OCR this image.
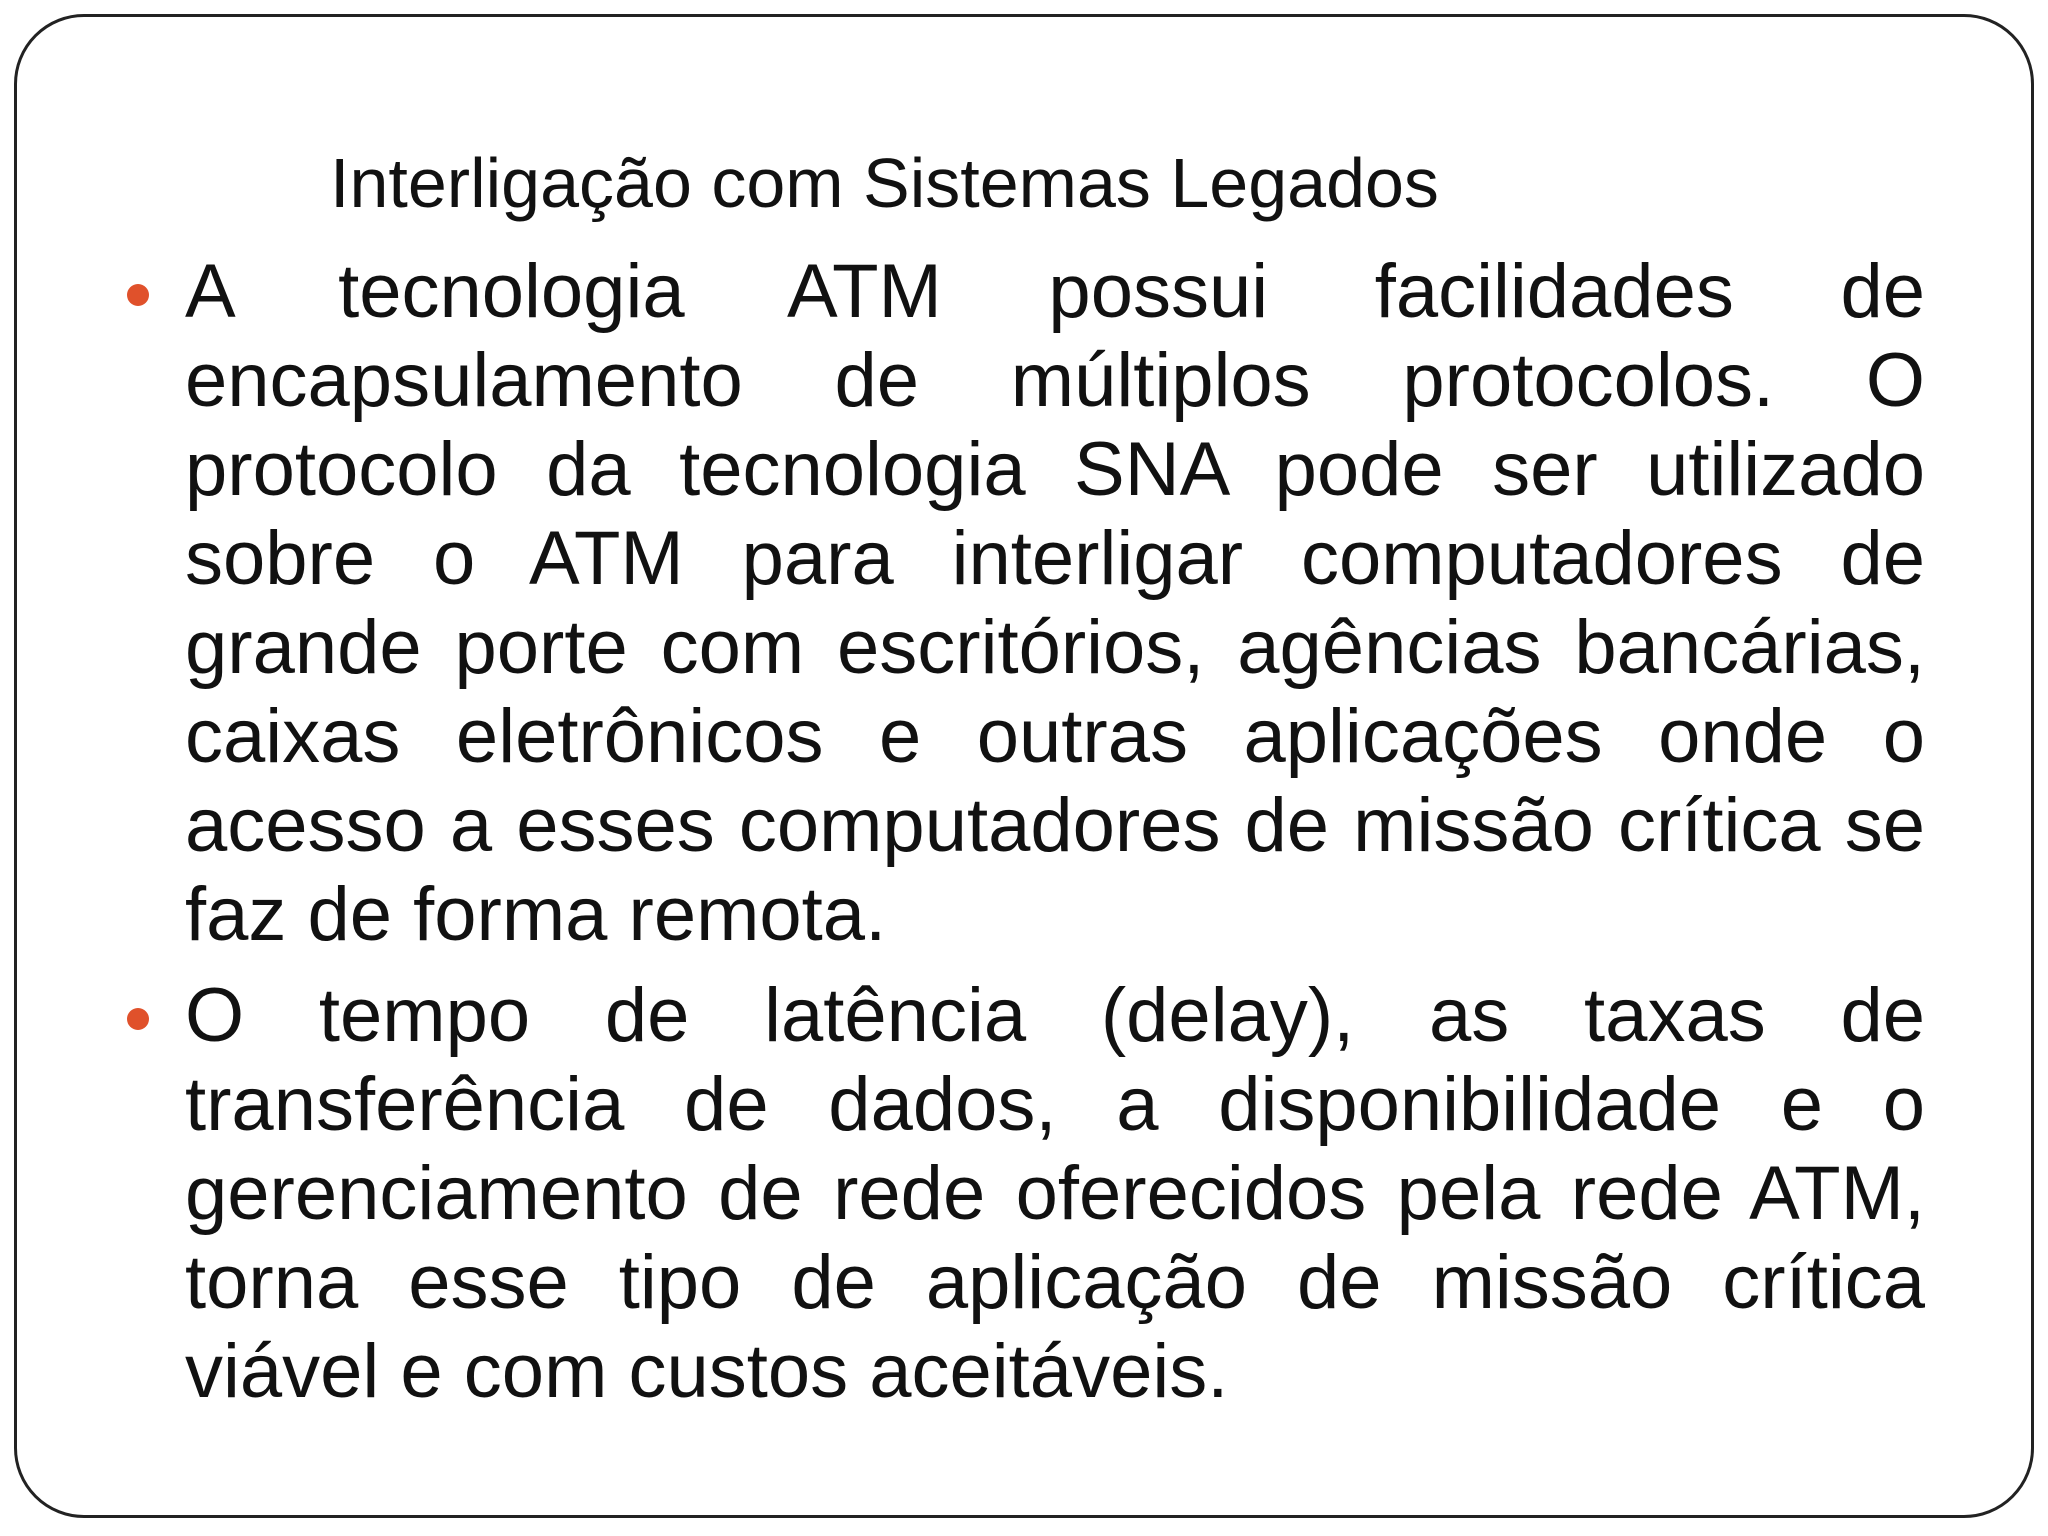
Interligação com Sistemas Legados

A tecnologia ATM possui facilidades de encapsulamento de múltiplos protocolos. O protocolo da tecnologia SNA pode ser utilizado sobre o ATM para interligar computadores de grande porte com escritórios, agências bancárias, caixas eletrônicos e outras aplicações onde o acesso a esses computadores de missão crítica se faz de forma remota.

O tempo de latência (delay), as taxas de transferência de dados, a disponibilidade e o gerenciamento de rede oferecidos pela rede ATM, torna esse tipo de aplicação de missão crítica viável e com custos aceitáveis.
